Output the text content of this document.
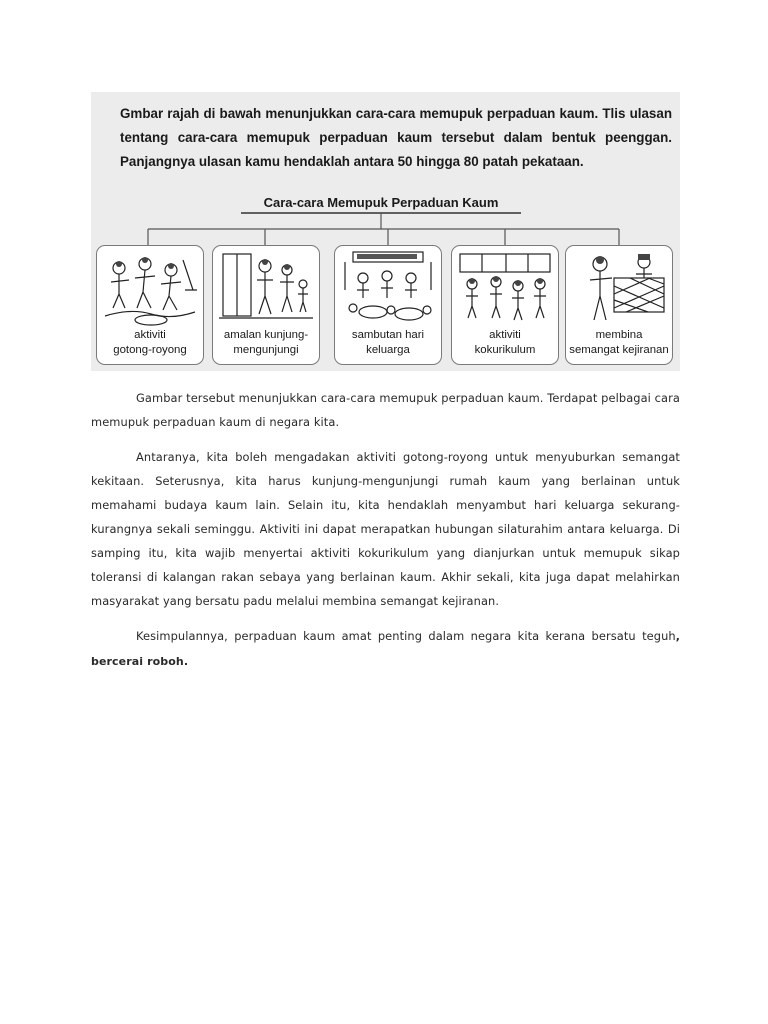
Gmbar rajah di bawah menunjukkan cara-cara memupuk perpaduan kaum. Tlis ulasan tentang cara-cara memupuk perpaduan kaum tersebut dalam bentuk peenggan. Panjangnya ulasan kamu hendaklah antara 50 hingga 80 patah pekataan.

Cara-cara Memupuk Perpaduan Kaum
aktiviti
gotong-royong
amalan kunjung-
mengunjungi
sambutan hari
keluarga
aktiviti
kokurikulum
membina
semangat kejiranan

Gambar tersebut menunjukkan cara-cara memupuk perpaduan kaum. Terdapat pelbagai cara memupuk perpaduan kaum di negara kita.

Antaranya, kita boleh mengadakan aktiviti gotong-royong untuk menyuburkan semangat kekitaan. Seterusnya, kita harus kunjung-mengunjungi rumah kaum yang berlainan untuk memahami budaya kaum lain. Selain itu, kita hendaklah menyambut hari keluarga sekurang-kurangnya sekali seminggu. Aktiviti ini dapat merapatkan hubungan silaturahim antara keluarga. Di samping itu, kita wajib menyertai aktiviti kokurikulum yang dianjurkan untuk memupuk sikap toleransi di kalangan rakan sebaya yang berlainan kaum. Akhir sekali, kita juga dapat melahirkan masyarakat yang bersatu padu melalui membina semangat kejiranan.

Kesimpulannya, perpaduan kaum amat penting dalam negara kita kerana bersatu teguh, bercerai roboh.
